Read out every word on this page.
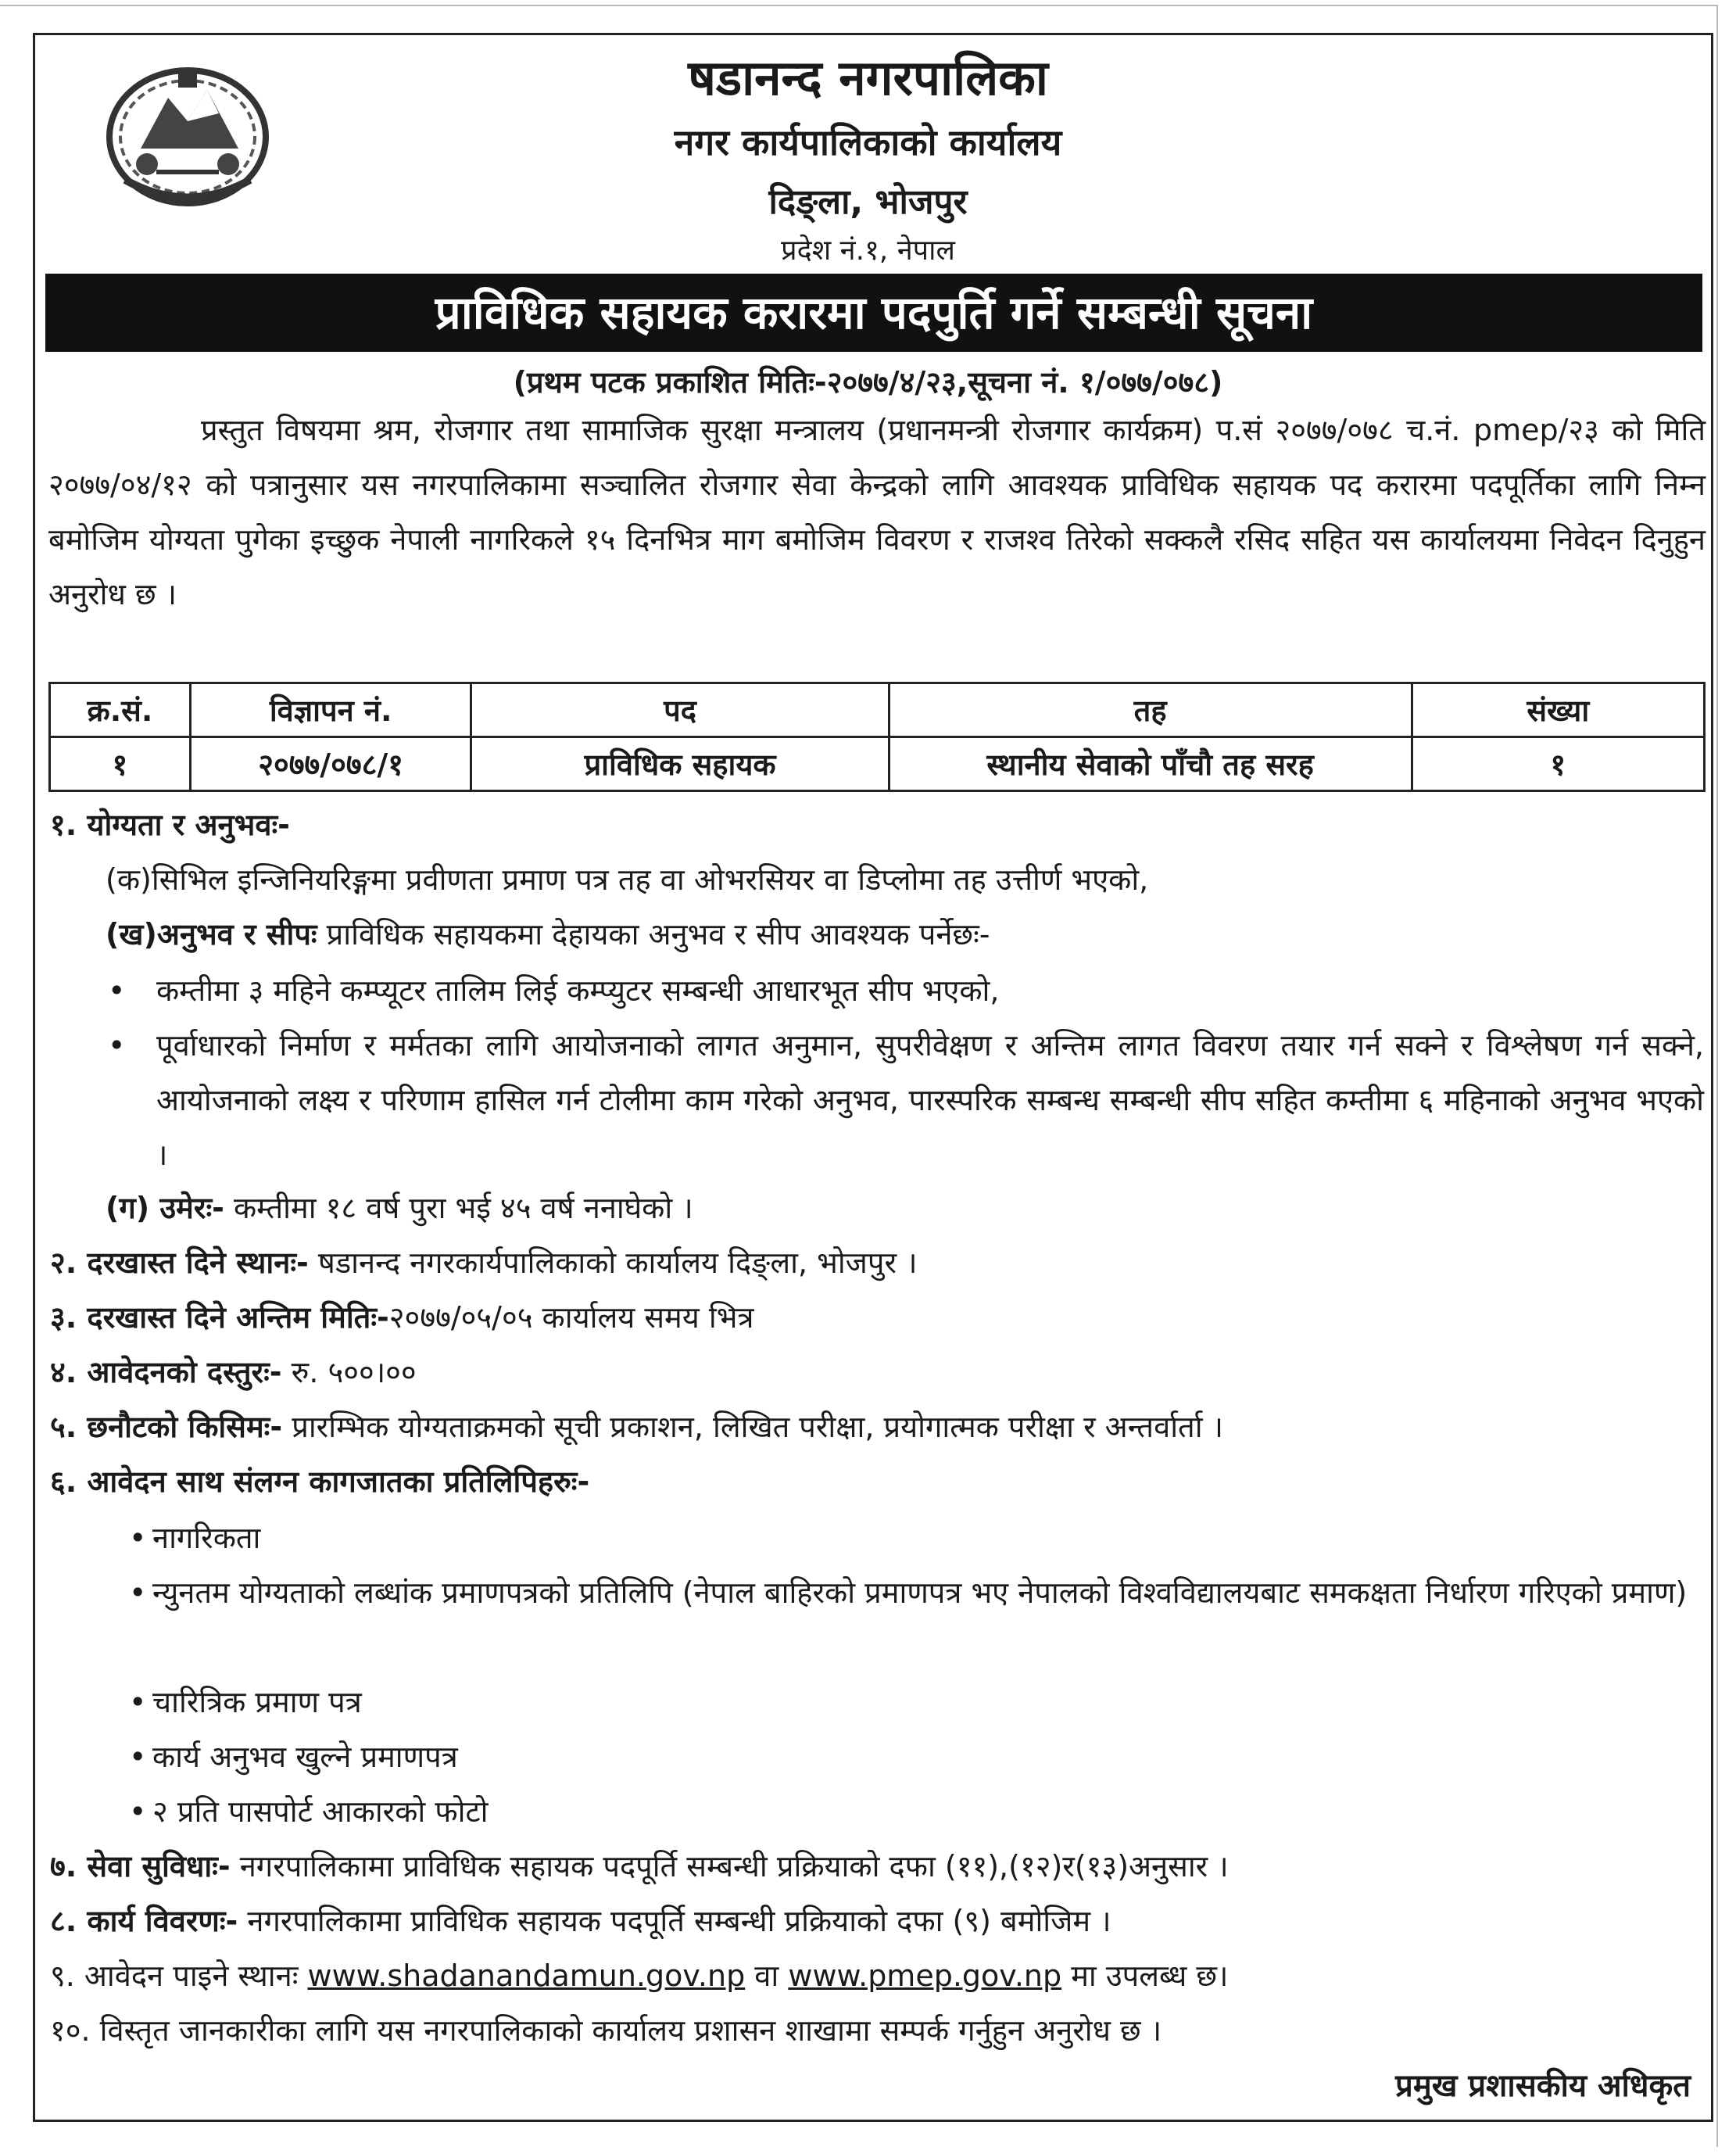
षडानन्द नगरपालिका
नगर कार्यपालिकाको कार्यालय
दिङ्ला, भोजपुर
प्रदेश नं.१, नेपाल
प्राविधिक सहायक करारमा पदपुर्ति गर्ने सम्बन्धी सूचना
(प्रथम पटक प्रकाशित मितिः-२०७७/४/२३,सूचना नं. १/०७७/०७८)
प्रस्तुत विषयमा श्रम, रोजगार तथा सामाजिक सुरक्षा मन्त्रालय (प्रधानमन्त्री रोजगार कार्यक्रम) प.सं २०७७/०७८ च.नं. pmep/२३ को मिति २०७७/०४/१२ को पत्रानुसार यस नगरपालिकामा सञ्चालित रोजगार सेवा केन्द्रको लागि आवश्यक प्राविधिक सहायक पद करारमा पदपूर्तिका लागि निम्न बमोजिम योग्यता पुगेका इच्छुक नेपाली नागरिकले १५ दिनभित्र माग बमोजिम विवरण र राजश्व तिरेको सक्कलै रसिद सहित यस कार्यालयमा निवेदन दिनुहुन अनुरोध छ ।
क्र.सं.	विज्ञापन नं.	पद	तह	संख्या
१	२०७७/०७८/१	प्राविधिक सहायक	स्थानीय सेवाको पाँचौ तह सरह	१
१. योग्यता र अनुभवः-
(क)सिभिल इन्जिनियरिङ्गमा प्रवीणता प्रमाण पत्र तह वा ओभरसियर वा डिप्लोमा तह उत्तीर्ण भएको,
(ख)अनुभव र सीपः प्राविधिक सहायकमा देहायका अनुभव र सीप आवश्यक पर्नेछः-
• कम्तीमा ३ महिने कम्प्यूटर तालिम लिई कम्प्युटर सम्बन्धी आधारभूत सीप भएको,
• पूर्वाधारको निर्माण र मर्मतका लागि आयोजनाको लागत अनुमान, सुपरीवेक्षण र अन्तिम लागत विवरण तयार गर्न सक्ने र विश्लेषण गर्न सक्ने, आयोजनाको लक्ष्य र परिणाम हासिल गर्न टोलीमा काम गरेको अनुभव, पारस्परिक सम्बन्ध सम्बन्धी सीप सहित कम्तीमा ६ महिनाको अनुभव भएको ।
(ग) उमेरः- कम्तीमा १८ वर्ष पुरा भई ४५ वर्ष ननाघेको ।
२. दरखास्त दिने स्थानः- षडानन्द नगरकार्यपालिकाको कार्यालय दिङ्ला, भोजपुर ।
३. दरखास्त दिने अन्तिम मितिः-२०७७/०५/०५ कार्यालय समय भित्र
४. आवेदनको दस्तुरः- रु. ५००।००
५. छनौटको किसिमः- प्रारम्भिक योग्यताक्रमको सूची प्रकाशन, लिखित परीक्षा, प्रयोगात्मक परीक्षा र अन्तर्वार्ता ।
६. आवेदन साथ संलग्न कागजातका प्रतिलिपिहरुः-
• नागरिकता
• न्युनतम योग्यताको लब्धांक प्रमाणपत्रको प्रतिलिपि (नेपाल बाहिरको प्रमाणपत्र भए नेपालको विश्वविद्यालयबाट समकक्षता निर्धारण गरिएको प्रमाण)
• चारित्रिक प्रमाण पत्र
• कार्य अनुभव खुल्ने प्रमाणपत्र
• २ प्रति पासपोर्ट आकारको फोटो
७. सेवा सुविधाः- नगरपालिकामा प्राविधिक सहायक पदपूर्ति सम्बन्धी प्रक्रियाको दफा (११),(१२)र(१३)अनुसार ।
८. कार्य विवरणः- नगरपालिकामा प्राविधिक सहायक पदपूर्ति सम्बन्धी प्रक्रियाको दफा (९) बमोजिम ।
९. आवेदन पाइने स्थानः www.shadanandamun.gov.np वा www.pmep.gov.np मा उपलब्ध छ।
१०. विस्तृत जानकारीका लागि यस नगरपालिकाको कार्यालय प्रशासन शाखामा सम्पर्क गर्नुहुन अनुरोध छ ।
प्रमुख प्रशासकीय अधिकृत
